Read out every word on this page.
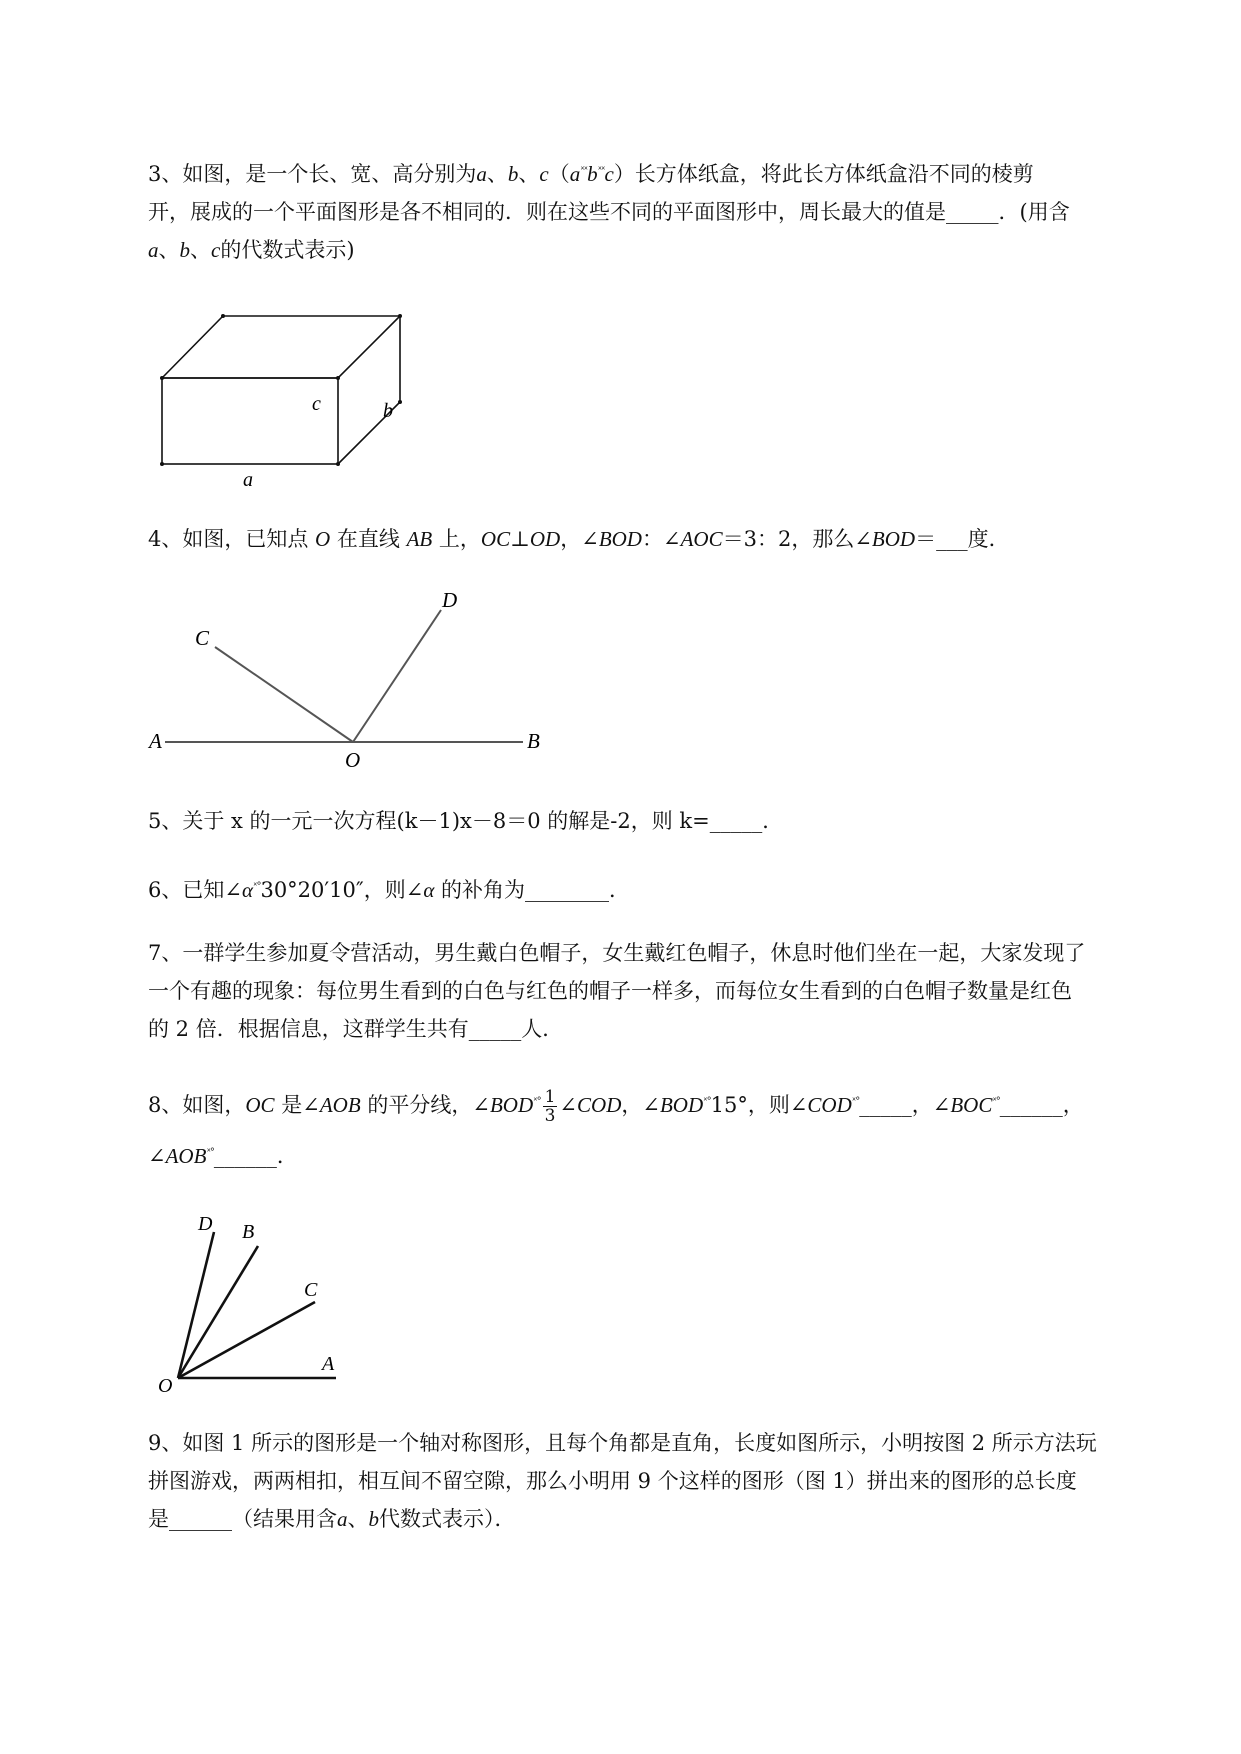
3、如图，是一个长、宽、高分别为a、b、$c(a^{ˣˣ}b^{ˣˣ}c)$长方体纸盒，将此长方体纸盒沿不同的棱剪
开，展成的一个平面图形是各不相同的．则在这些不同的平面图形中，周长最大的值是_____．(用含
a、b、c的代数式表示)
c	b
a
4、如图，已知点 O 在直线 AB 上，OC⊥OD，∠BOD：∠AOC＝3：2，那么∠BOD＝___度．
C
D
A
O
B
5、关于 x 的一元一次方程(k－1)x－8＝0 的解是-2，则 k=_____．
6、已知$\angle\alpha^{ˣ^\circ}30^\circ 20'10''$，则∠α 的补角为________．
7、一群学生参加夏令营活动，男生戴白色帽子，女生戴红色帽子，休息时他们坐在一起，大家发现了
一个有趣的现象：每位男生看到的白色与红色的帽子一样多，而每位女生看到的白色帽子数量是红色
的 2 倍．根据信息，这群学生共有_____人．
8、如图，OC 是∠AOB 的平分线，$\angle BOD^{ˣ^\circ} \frac{1}{3}$ ∠COD，$\angle BOD^{ˣ^\circ}15^\circ$，则$\angle COD^{ˣ^\circ}\_\_\_\_\_$，$\angle BOC^{ˣ^\circ}\_\_\_\_\_\_$，
$\angle AOB^{ˣ^\circ}\_\_\_\_\_\_$．
D B
C
A
O
9、如图 1 所示的图形是一个轴对称图形，且每个角都是直角，长度如图所示，小明按图 2 所示方法玩
拼图游戏，两两相扣，相互间不留空隙，那么小明用 9 个这样的图形（图 1）拼出来的图形的总长度
是______（结果用含a、b代数式表示）．
